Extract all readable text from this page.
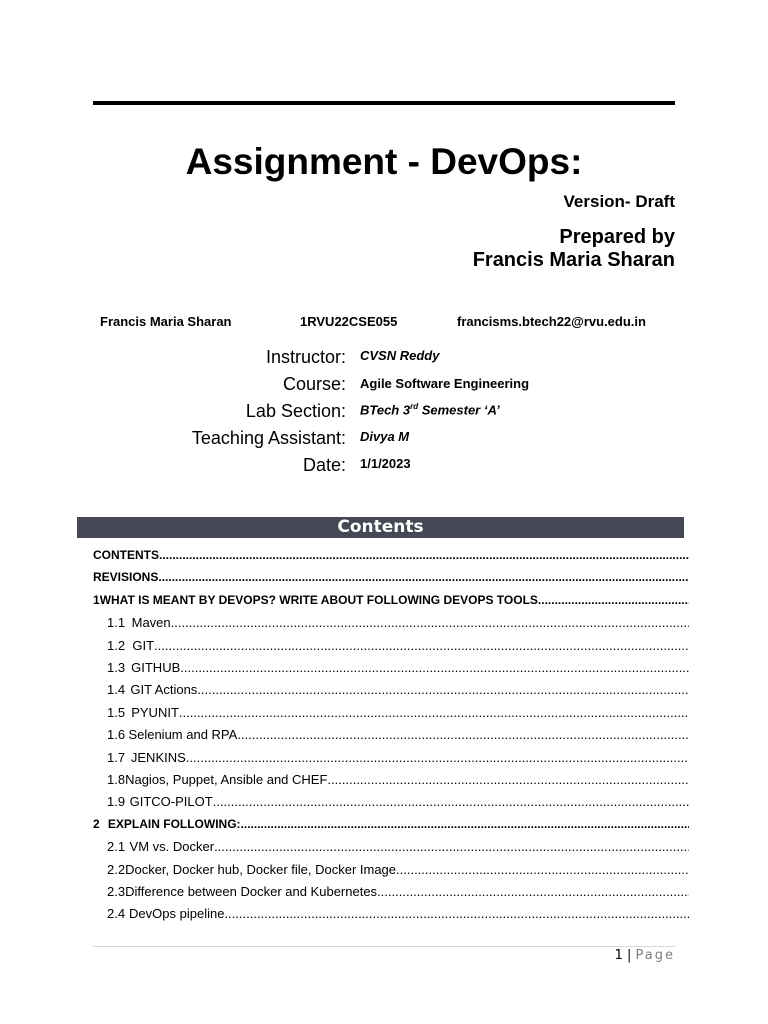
Assignment - DevOps:
Version- Draft
Prepared by
Francis Maria Sharan
Francis Maria Sharan	1RVU22CSE055	francisms.btech22@rvu.edu.in
Instructor: CVSN Reddy
Course: Agile Software Engineering
Lab Section: BTech 3rd Semester ‘A’
Teaching Assistant: Divya M
Date: 1/1/2023
Contents
CONTENTS
.....
REVISIONS
.....
1 WHAT IS MEANT BY DEVOPS? WRITE ABOUT FOLLOWING DEVOPS TOOLS
.....
1.1 Maven
.....
1.2 GIT
.....
1.3 GITHUB
.....
1.4 GIT Actions
.....
1.5 PYUNIT
.....
1.6 Selenium and RPA
.....
1.7 JENKINS
.....
1.8 Nagios, Puppet, Ansible and CHEF
.....
1.9 GITCO-PILOT
.....
2 EXPLAIN FOLLOWING:
.....
2.1 VM vs. Docker
.....
2.2 Docker, Docker hub, Docker file, Docker Image
.....
2.3 Difference between Docker and Kubernetes
.....
2.4 DevOps pipeline
.....
1 | Page
